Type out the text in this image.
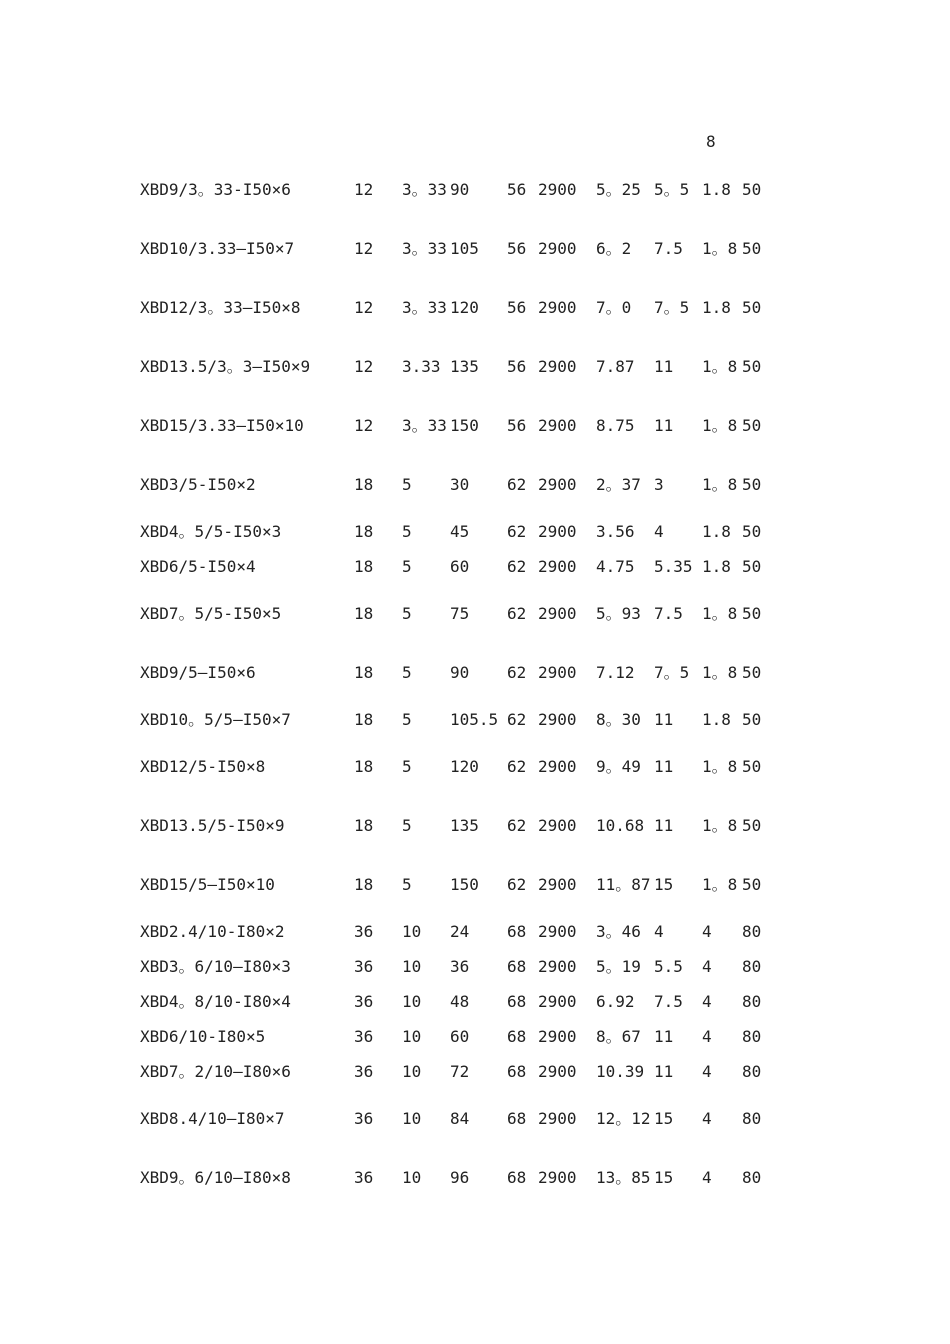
8
XBD9/3。33-I50×6	12	3。33	90	56	2900	5。25	5。5	1.8	50
XBD10/3.33—I50×7	12	3。33	105	56	2900	6。2	7.5	1。8	50
XBD12/3。33—I50×8	12	3。33	120	56	2900	7。0	7。5	1.8	50
XBD13.5/3。3—I50×9	12	3.33	135	56	2900	7.87	11	1。8	50
XBD15/3.33—I50×10	12	3。33	150	56	2900	8.75	11	1。8	50
XBD3/5-I50×2	18	5	30	62	2900	2。37	3	1。8	50
XBD4。5/5-I50×3	18	5	45	62	2900	3.56	4	1.8	50
XBD6/5-I50×4	18	5	60	62	2900	4.75	5.35	1.8	50
XBD7。5/5-I50×5	18	5	75	62	2900	5。93	7.5	1。8	50
XBD9/5—I50×6	18	5	90	62	2900	7.12	7。5	1。8	50
XBD10。5/5—I50×7	18	5	105.5	62	2900	8。30	11	1.8	50
XBD12/5-I50×8	18	5	120	62	2900	9。49	11	1。8	50
XBD13.5/5-I50×9	18	5	135	62	2900	10.68	11	1。8	50
XBD15/5—I50×10	18	5	150	62	2900	11。87	15	1。8	50
XBD2.4/10-I80×2	36	10	24	68	2900	3。46	4	4	80
XBD3。6/10—I80×3	36	10	36	68	2900	5。19	5.5	4	80
XBD4。8/10-I80×4	36	10	48	68	2900	6.92	7.5	4	80
XBD6/10-I80×5	36	10	60	68	2900	8。67	11	4	80
XBD7。2/10—I80×6	36	10	72	68	2900	10.39	11	4	80
XBD8.4/10—I80×7	36	10	84	68	2900	12。12	15	4	80
XBD9。6/10—I80×8	36	10	96	68	2900	13。85	15	4	80
